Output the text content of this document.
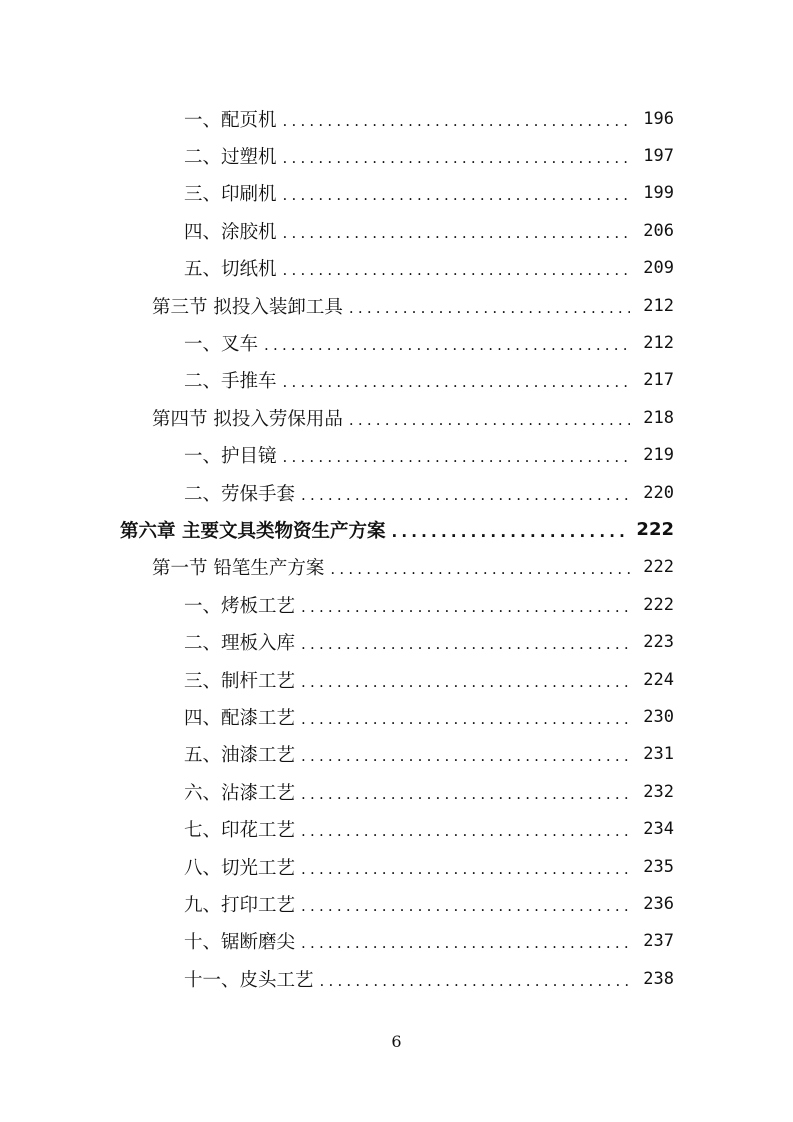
一、配页机 .....	196
二、过塑机 .....	197
三、印刷机 .....	199
四、涂胶机 .....	206
五、切纸机 .....	209
第三节 拟投入装卸工具 .....	212
一、叉车 .....	212
二、手推车 .....	217
第四节 拟投入劳保用品 .....	218
一、护目镜 .....	219
二、劳保手套 .....	220
第六章 主要文具类物资生产方案 .....	222
第一节 铅笔生产方案 .....	222
一、烤板工艺 .....	222
二、理板入库 .....	223
三、制杆工艺 .....	224
四、配漆工艺 .....	230
五、油漆工艺 .....	231
六、沾漆工艺 .....	232
七、印花工艺 .....	234
八、切光工艺 .....	235
九、打印工艺 .....	236
十、锯断磨尖 .....	237
十一、皮头工艺 .....	238
6
